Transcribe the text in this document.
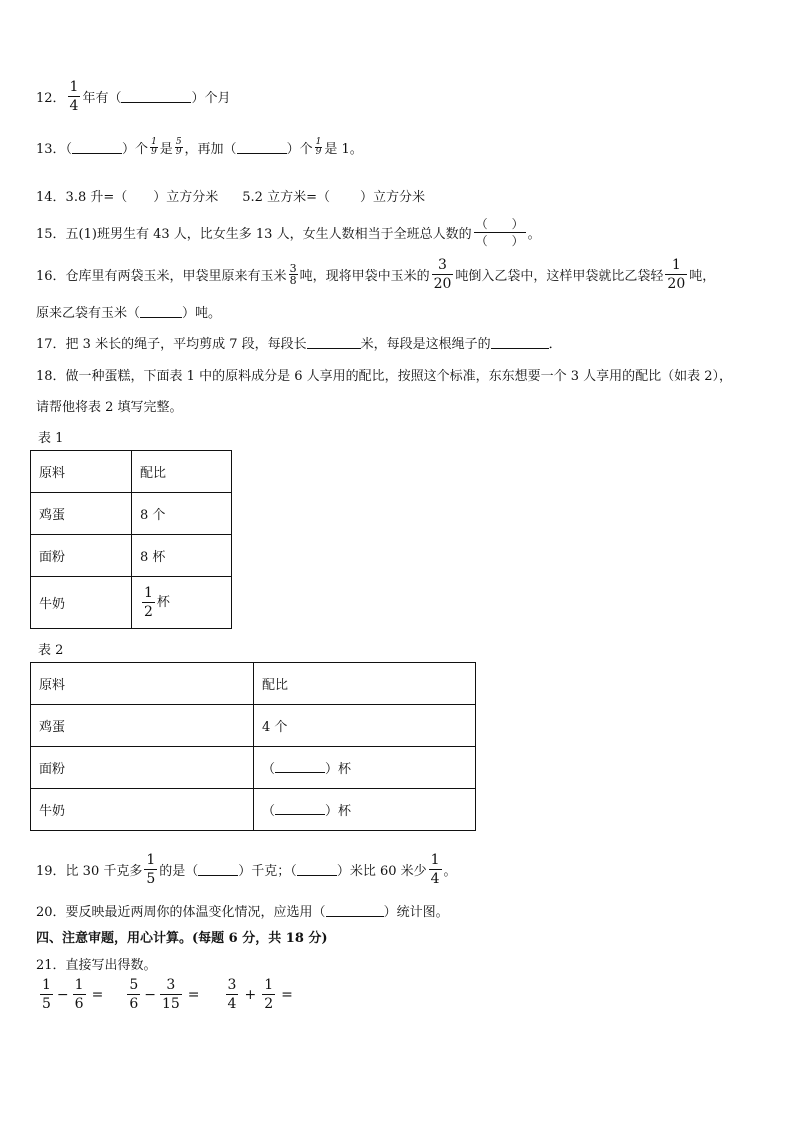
12． $\frac{1}{4}$ 年有（	）个月
13．（	）个 $\frac{1}{9}$ 是 $\frac{5}{9}$ ，再加（	）个 $\frac{1}{9}$ 是 1。
14． 3.8 升=（ ）立方分米 5.2 立方米=（ ）立方分米
15． 五(1)班男生有 43 人，比女生多 13 人，女生人数相当于全班总人数的 $\frac{( )}{( )}$ 。
16． 仓库里有两袋玉米，甲袋里原来有玉米 $\frac{3}{8}$ 吨，现将甲袋中玉米的 $\frac{3}{20}$ 吨倒入乙袋中，这样甲袋就比乙袋轻 $\frac{1}{20}$ 吨，
原来乙袋有玉米（	）吨。
17． 把 3 米长的绳子，平均剪成 7 段，每段长	米，每段是这根绳子的	．
18． 做一种蛋糕，下面表 1 中的原料成分是 6 人享用的配比，按照这个标准，东东想要一个 3 人享用的配比（如表 2），
请帮他将表 2 填写完整。
表 1
原料	配比
鸡蛋	8 个
面粉	8 杯
牛奶	$\frac{1}{2}$ 杯
表 2
原料	配比
鸡蛋	4 个
面粉	（ ）杯
牛奶	（ ）杯
19． 比 30 千克多 $\frac{1}{5}$ 的是（	）千克；（	）米比 60 米少 $\frac{1}{4}$ 。
20． 要反映最近两周你的体温变化情况，应选用（	）统计图。
四、注意审题，用心计算。(每题 6 分，共 18 分)
21． 直接写出得数。
$\frac{1}{5} - \frac{1}{6} = \frac{5}{6} - \frac{3}{15} = \frac{3}{4} + \frac{1}{2}$ =
